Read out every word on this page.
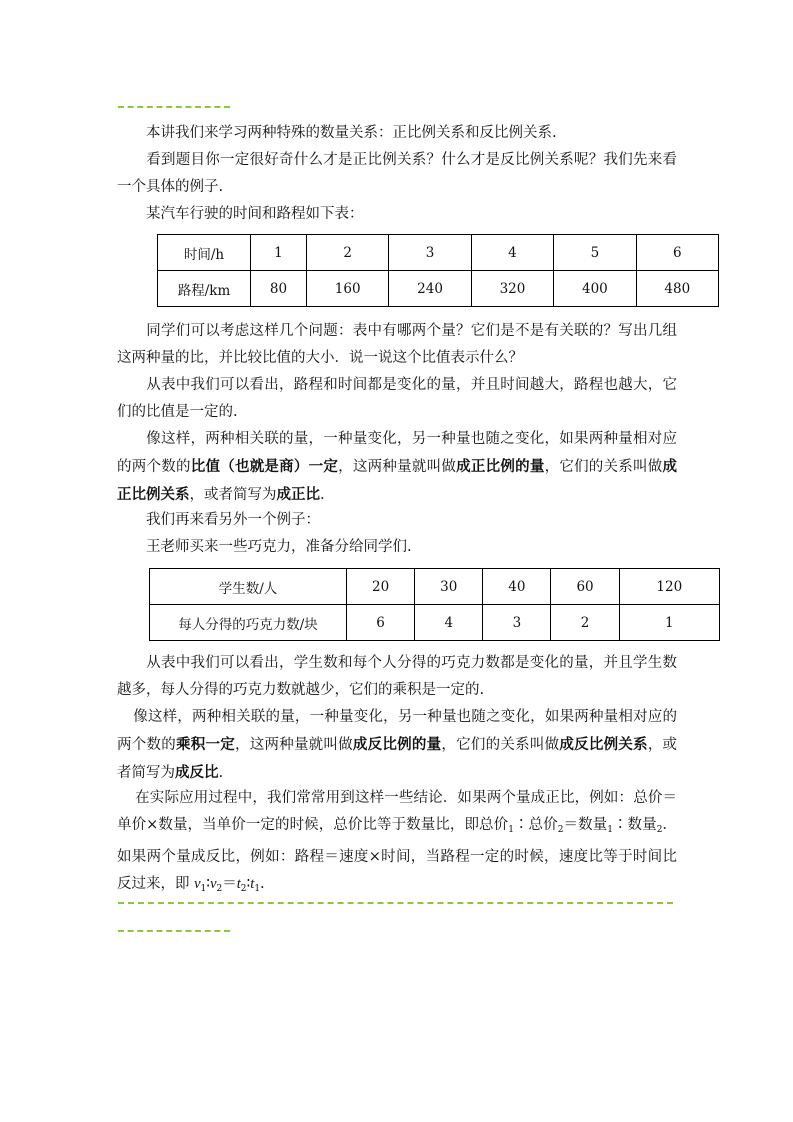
本讲我们来学习两种特殊的数量关系：正比例关系和反比例关系.

看到题目你一定很好奇什么才是正比例关系？什么才是反比例关系呢？我们先来看一个具体的例子.

某汽车行驶的时间和路程如下表：

时间/h	1	2	3	4	5	6
路程/km	80	160	240	320	400	480

同学们可以考虑这样几个问题：表中有哪两个量？它们是不是有关联的？写出几组这两种量的比，并比较比值的大小．说一说这个比值表示什么？

从表中我们可以看出，路程和时间都是变化的量，并且时间越大，路程也越大，它们的比值是一定的.

像这样，两种相关联的量，一种量变化，另一种量也随之变化，如果两种量相对应的两个数的比值（也就是商）一定，这两种量就叫做成正比例的量，它们的关系叫做成正比例关系，或者简写为成正比.

我们再来看另外一个例子：

王老师买来一些巧克力，准备分给同学们.

学生数/人	20	30	40	60	120
每人分得的巧克力数/块	6	4	3	2	1

从表中我们可以看出，学生数和每个人分得的巧克力数都是变化的量，并且学生数越多，每人分得的巧克力数就越少，它们的乘积是一定的.

像这样，两种相关联的量，一种量变化，另一种量也随之变化，如果两种量相对应的两个数的乘积一定，这两种量就叫做成反比例的量，它们的关系叫做成反比例关系，或者简写为成反比.

在实际应用过程中，我们常常用到这样一些结论．如果两个量成正比，例如：总价＝单价×数量，当单价一定的时候，总价比等于数量比，即总价$_1$∶总价$_2$＝数量$_1$∶数量$_2$．如果两个量成反比，例如：路程＝速度×时间，当路程一定的时候，速度比等于时间比反过来，即 $v_1∶v_2=t_2∶t_1$.
